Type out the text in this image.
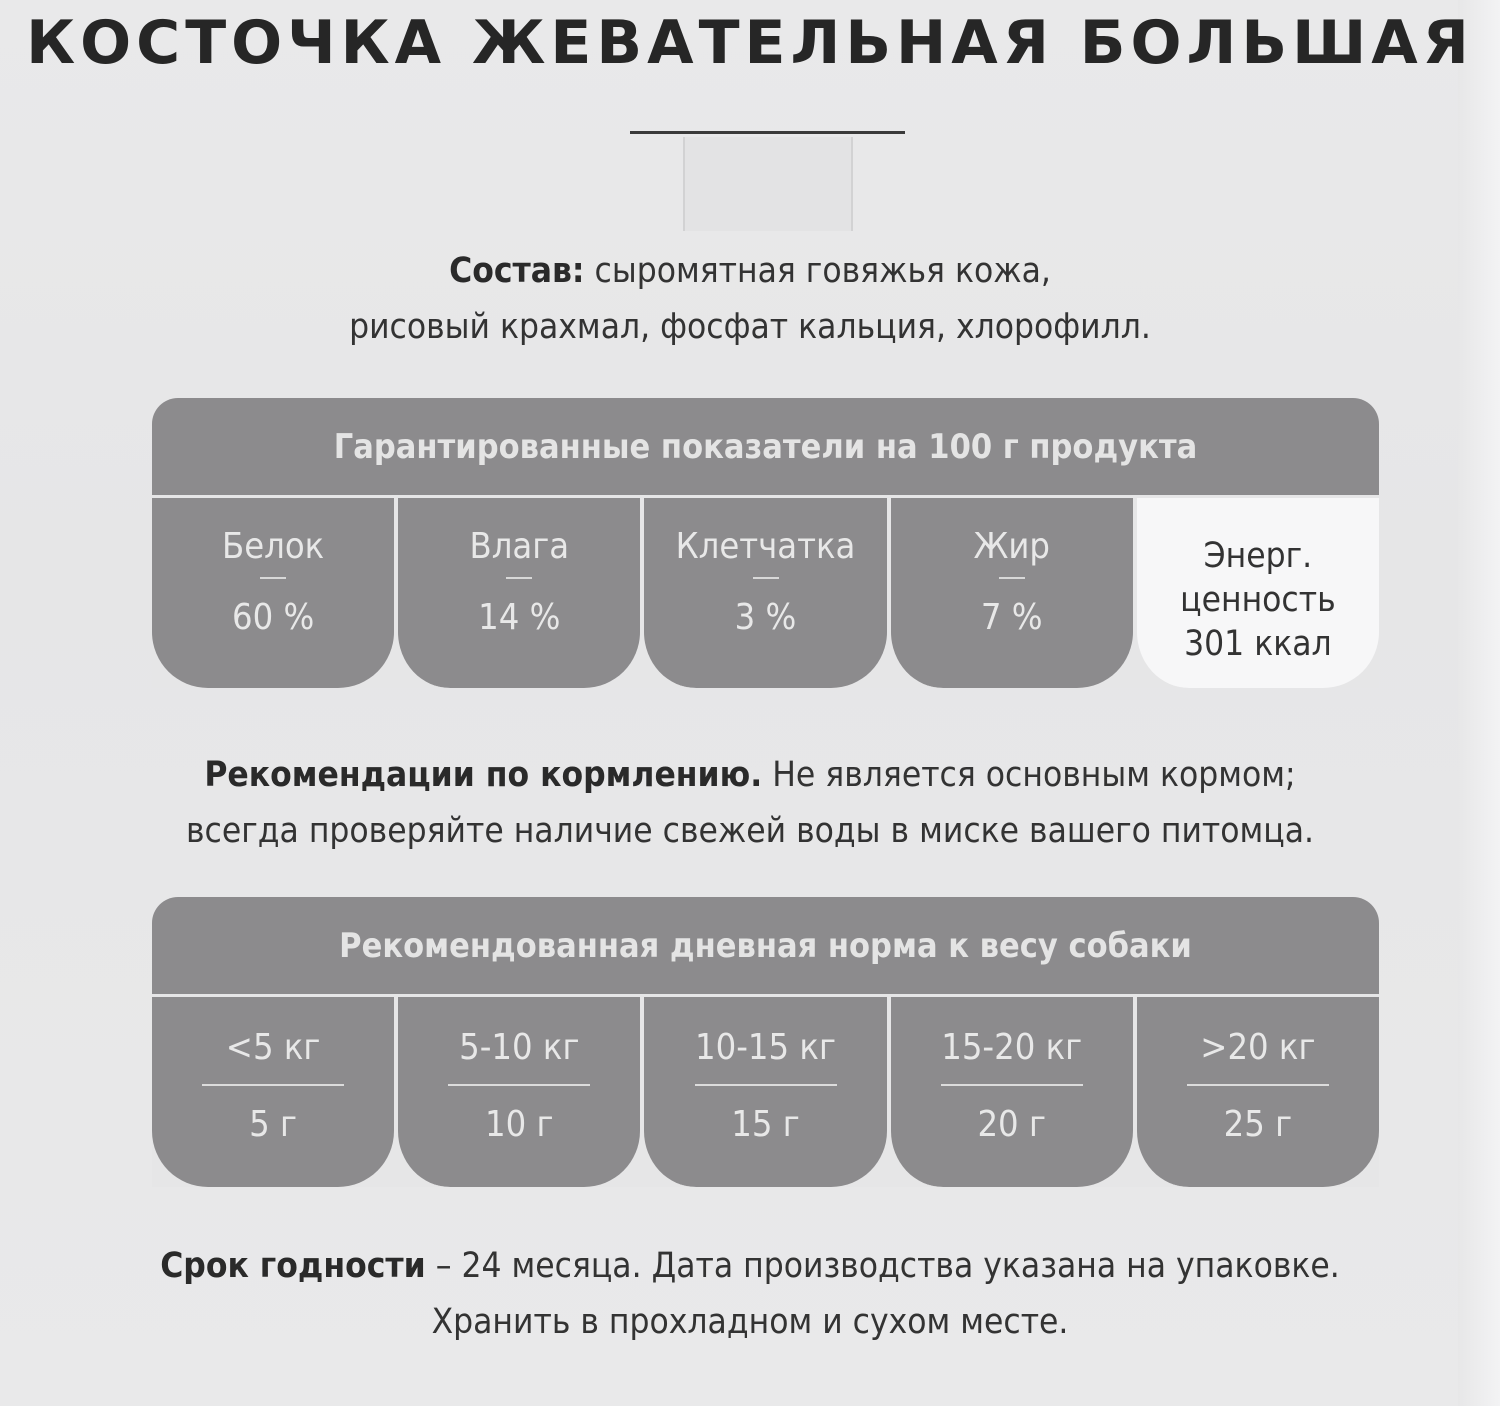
КОСТОЧКА ЖЕВАТЕЛЬНАЯ БОЛЬШАЯ
Состав: сыромятная говяжья кожа,
рисовый крахмал, фосфат кальция, хлорофилл.
Гарантированные показатели на 100 г продукта
Белок
60 %
Влага
14 %
Клетчатка
3 %
Жир
7 %
Энерг.
ценность
301 ккал
Рекомендации по кормлению. Не является основным кормом;
всегда проверяйте наличие свежей воды в миске вашего питомца.
Рекомендованная дневная норма к весу собаки
<5 кг
5 г
5-10 кг
10 г
10-15 кг
15 г
15-20 кг
20 г
>20 кг
25 г
Срок годности – 24 месяца. Дата производства указана на упаковке.
Хранить в прохладном и сухом месте.
